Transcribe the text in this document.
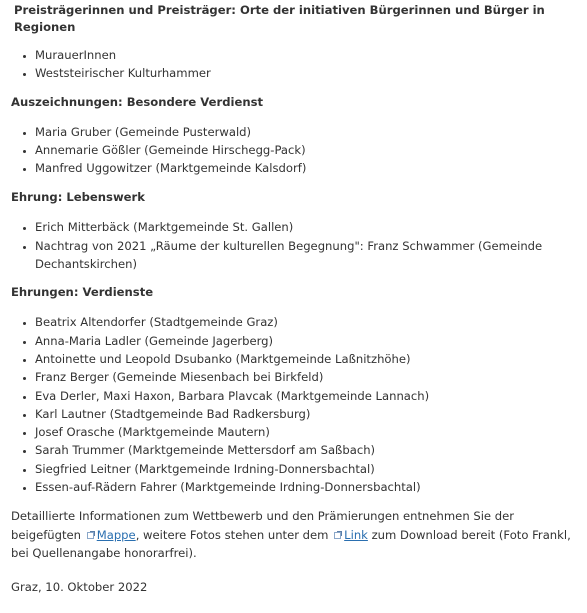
Preisträgerinnen und Preisträger: Orte der initiativen Bürgerinnen und Bürger in Regionen
• MurauerInnen
• Weststeirischer Kulturhammer
Auszeichnungen: Besondere Verdienst
• Maria Gruber (Gemeinde Pusterwald)
• Annemarie Gößler (Gemeinde Hirschegg-Pack)
• Manfred Uggowitzer (Marktgemeinde Kalsdorf)
Ehrung: Lebenswerk
• Erich Mitterbäck (Marktgemeinde St. Gallen)
• Nachtrag von 2021 „Räume der kulturellen Begegnung": Franz Schwammer (Gemeinde Dechantskirchen)
Ehrungen: Verdienste
• Beatrix Altendorfer (Stadtgemeinde Graz)
• Anna-Maria Ladler (Gemeinde Jagerberg)
• Antoinette und Leopold Dsubanko (Marktgemeinde Laßnitzhöhe)
• Franz Berger (Gemeinde Miesenbach bei Birkfeld)
• Eva Derler, Maxi Haxon, Barbara Plavcak (Marktgemeinde Lannach)
• Karl Lautner (Stadtgemeinde Bad Radkersburg)
• Josef Orasche (Marktgemeinde Mautern)
• Sarah Trummer (Marktgemeinde Mettersdorf am Saßbach)
• Siegfried Leitner (Marktgemeinde Irdning-Donnersbachtal)
• Essen-auf-Rädern Fahrer (Marktgemeinde Irdning-Donnersbachtal)

Detaillierte Informationen zum Wettbewerb und den Prämierungen entnehmen Sie der beigefügten Mappe, weitere Fotos stehen unter dem Link zum Download bereit (Foto Frankl, bei Quellenangabe honorarfrei).

Graz, 10. Oktober 2022
